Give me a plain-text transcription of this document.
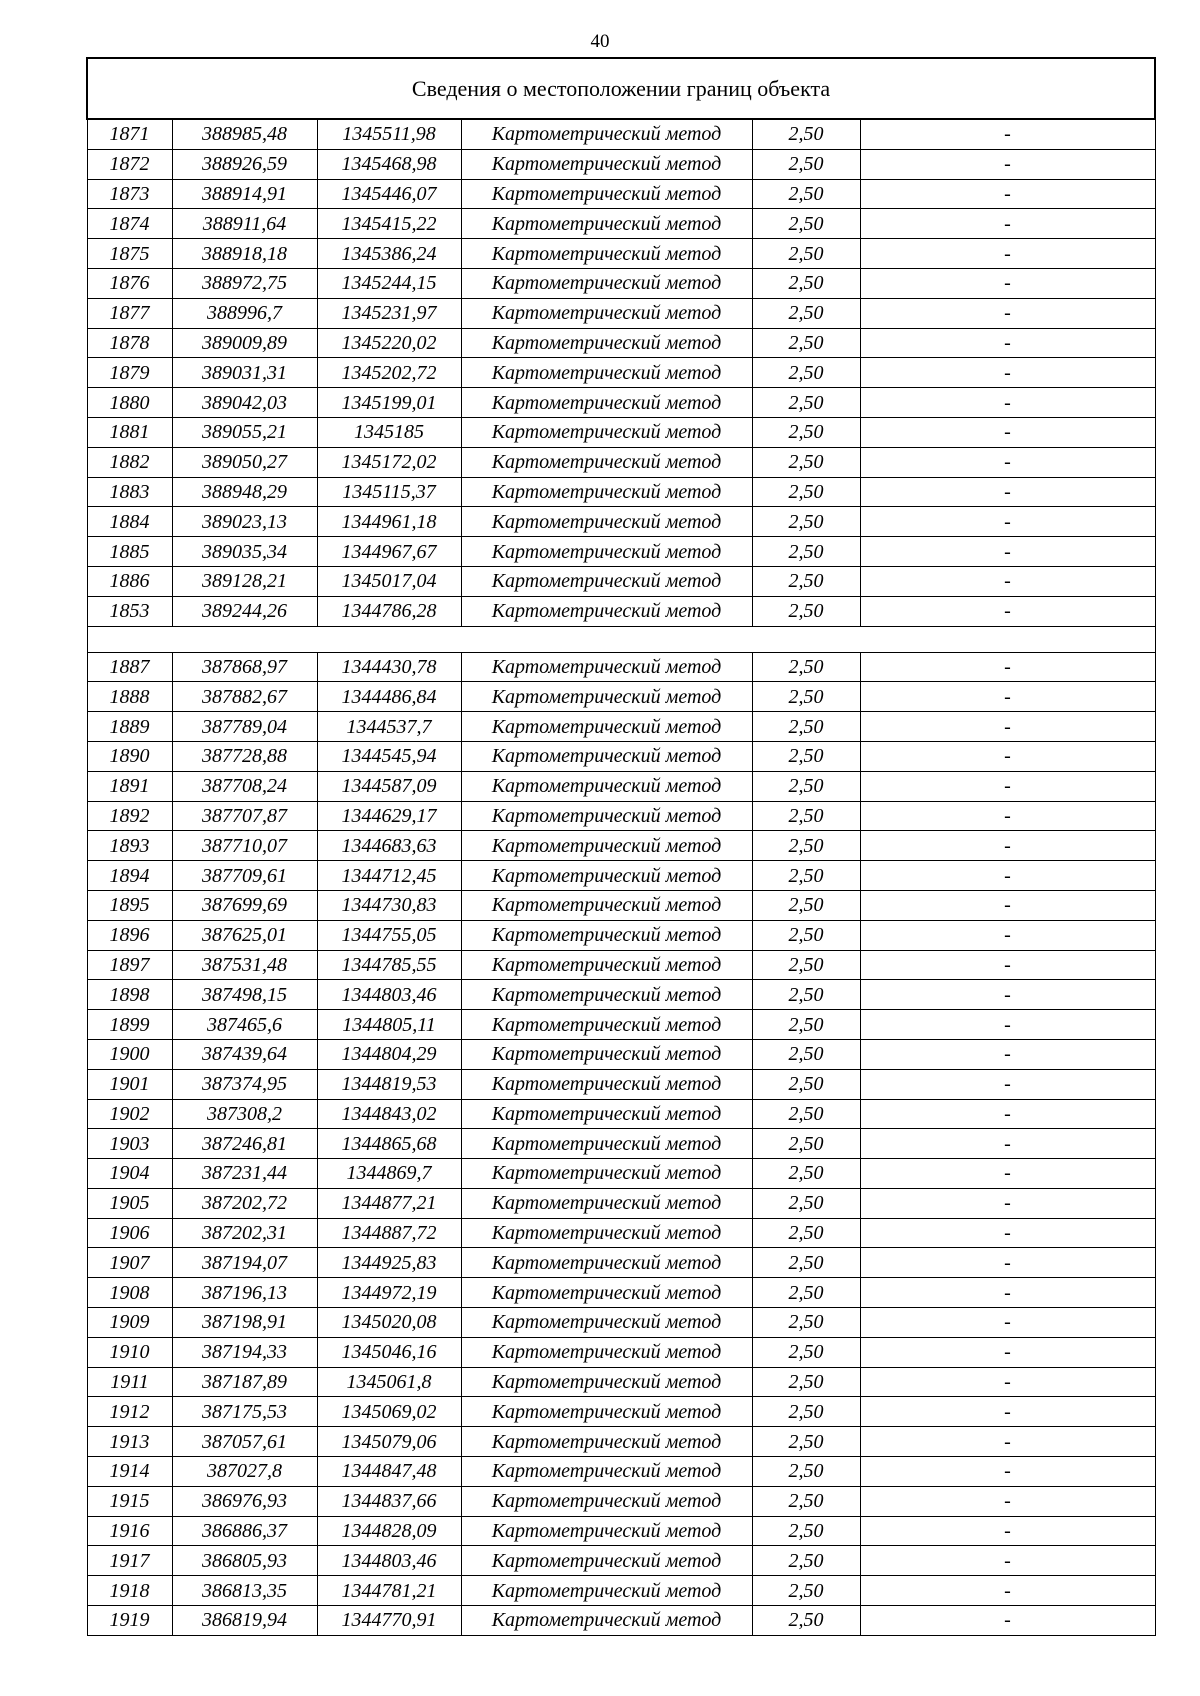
40
Сведения о местоположении границ объекта					
1871	388985,48	1345511,98	Картометрический метод	2,50	-
1872	388926,59	1345468,98	Картометрический метод	2,50	-
1873	388914,91	1345446,07	Картометрический метод	2,50	-
1874	388911,64	1345415,22	Картометрический метод	2,50	-
1875	388918,18	1345386,24	Картометрический метод	2,50	-
1876	388972,75	1345244,15	Картометрический метод	2,50	-
1877	388996,7	1345231,97	Картометрический метод	2,50	-
1878	389009,89	1345220,02	Картометрический метод	2,50	-
1879	389031,31	1345202,72	Картометрический метод	2,50	-
1880	389042,03	1345199,01	Картометрический метод	2,50	-
1881	389055,21	1345185	Картометрический метод	2,50	-
1882	389050,27	1345172,02	Картометрический метод	2,50	-
1883	388948,29	1345115,37	Картометрический метод	2,50	-
1884	389023,13	1344961,18	Картометрический метод	2,50	-
1885	389035,34	1344967,67	Картометрический метод	2,50	-
1886	389128,21	1345017,04	Картометрический метод	2,50	-
1853	389244,26	1344786,28	Картометрический метод	2,50	-

1887	387868,97	1344430,78	Картометрический метод	2,50	-
1888	387882,67	1344486,84	Картометрический метод	2,50	-
1889	387789,04	1344537,7	Картометрический метод	2,50	-
1890	387728,88	1344545,94	Картометрический метод	2,50	-
1891	387708,24	1344587,09	Картометрический метод	2,50	-
1892	387707,87	1344629,17	Картометрический метод	2,50	-
1893	387710,07	1344683,63	Картометрический метод	2,50	-
1894	387709,61	1344712,45	Картометрический метод	2,50	-
1895	387699,69	1344730,83	Картометрический метод	2,50	-
1896	387625,01	1344755,05	Картометрический метод	2,50	-
1897	387531,48	1344785,55	Картометрический метод	2,50	-
1898	387498,15	1344803,46	Картометрический метод	2,50	-
1899	387465,6	1344805,11	Картометрический метод	2,50	-
1900	387439,64	1344804,29	Картометрический метод	2,50	-
1901	387374,95	1344819,53	Картометрический метод	2,50	-
1902	387308,2	1344843,02	Картометрический метод	2,50	-
1903	387246,81	1344865,68	Картометрический метод	2,50	-
1904	387231,44	1344869,7	Картометрический метод	2,50	-
1905	387202,72	1344877,21	Картометрический метод	2,50	-
1906	387202,31	1344887,72	Картометрический метод	2,50	-
1907	387194,07	1344925,83	Картометрический метод	2,50	-
1908	387196,13	1344972,19	Картометрический метод	2,50	-
1909	387198,91	1345020,08	Картометрический метод	2,50	-
1910	387194,33	1345046,16	Картометрический метод	2,50	-
1911	387187,89	1345061,8	Картометрический метод	2,50	-
1912	387175,53	1345069,02	Картометрический метод	2,50	-
1913	387057,61	1345079,06	Картометрический метод	2,50	-
1914	387027,8	1344847,48	Картометрический метод	2,50	-
1915	386976,93	1344837,66	Картометрический метод	2,50	-
1916	386886,37	1344828,09	Картометрический метод	2,50	-
1917	386805,93	1344803,46	Картометрический метод	2,50	-
1918	386813,35	1344781,21	Картометрический метод	2,50	-
1919	386819,94	1344770,91	Картометрический метод	2,50	-
